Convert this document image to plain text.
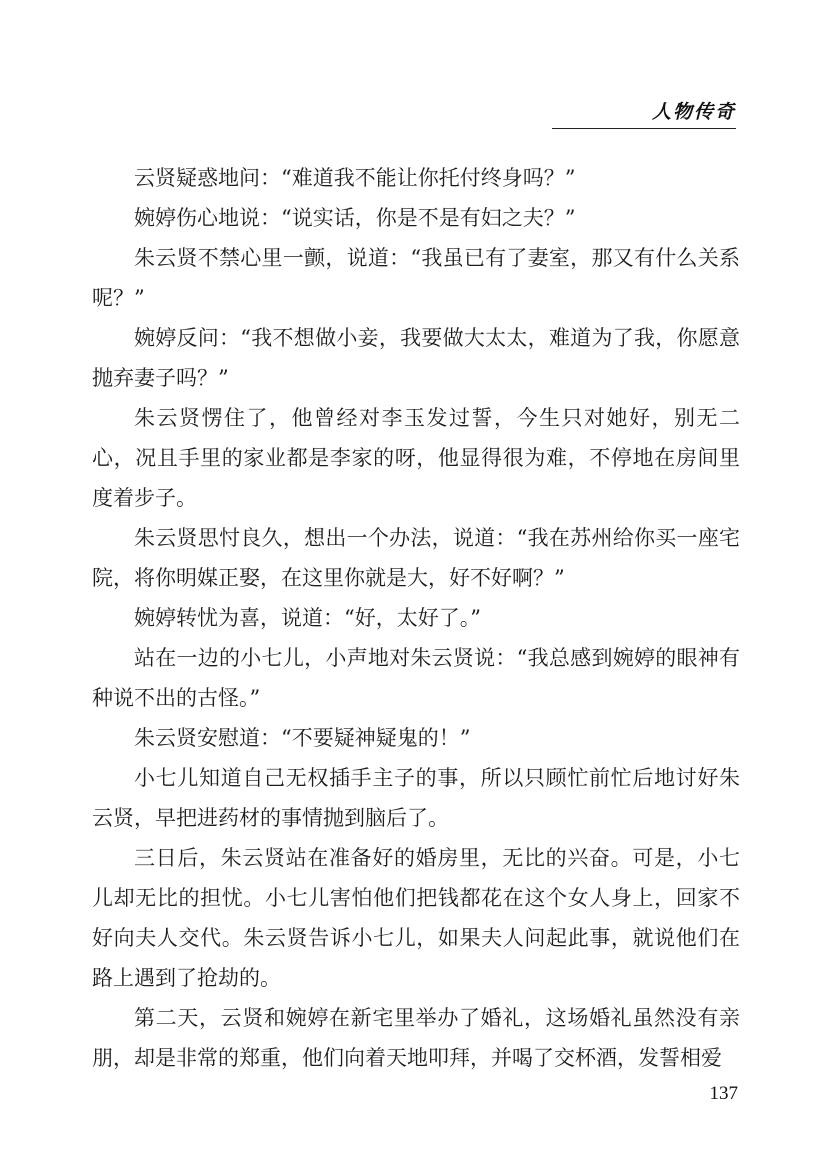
人物传奇

云贤疑惑地问：“难道我不能让你托付终身吗？”

婉婷伤心地说：“说实话，你是不是有妇之夫？”

朱云贤不禁心里一颤，说道：“我虽已有了妻室，那又有什么关系呢？”

婉婷反问：“我不想做小妾，我要做大太太，难道为了我，你愿意抛弃妻子吗？”

朱云贤愣住了，他曾经对李玉发过誓，今生只对她好，别无二心，况且手里的家业都是李家的呀，他显得很为难，不停地在房间里度着步子。

朱云贤思忖良久，想出一个办法，说道：“我在苏州给你买一座宅院，将你明媒正娶，在这里你就是大，好不好啊？”

婉婷转忧为喜，说道：“好，太好了。”

站在一边的小七儿，小声地对朱云贤说：“我总感到婉婷的眼神有种说不出的古怪。”

朱云贤安慰道：“不要疑神疑鬼的！”

小七儿知道自己无权插手主子的事，所以只顾忙前忙后地讨好朱云贤，早把进药材的事情抛到脑后了。

三日后，朱云贤站在准备好的婚房里，无比的兴奋。可是，小七儿却无比的担忧。小七儿害怕他们把钱都花在这个女人身上，回家不好向夫人交代。朱云贤告诉小七儿，如果夫人问起此事，就说他们在路上遇到了抢劫的。

第二天，云贤和婉婷在新宅里举办了婚礼，这场婚礼虽然没有亲朋，却是非常的郑重，他们向着天地叩拜，并喝了交杯酒，发誓相爱

137
